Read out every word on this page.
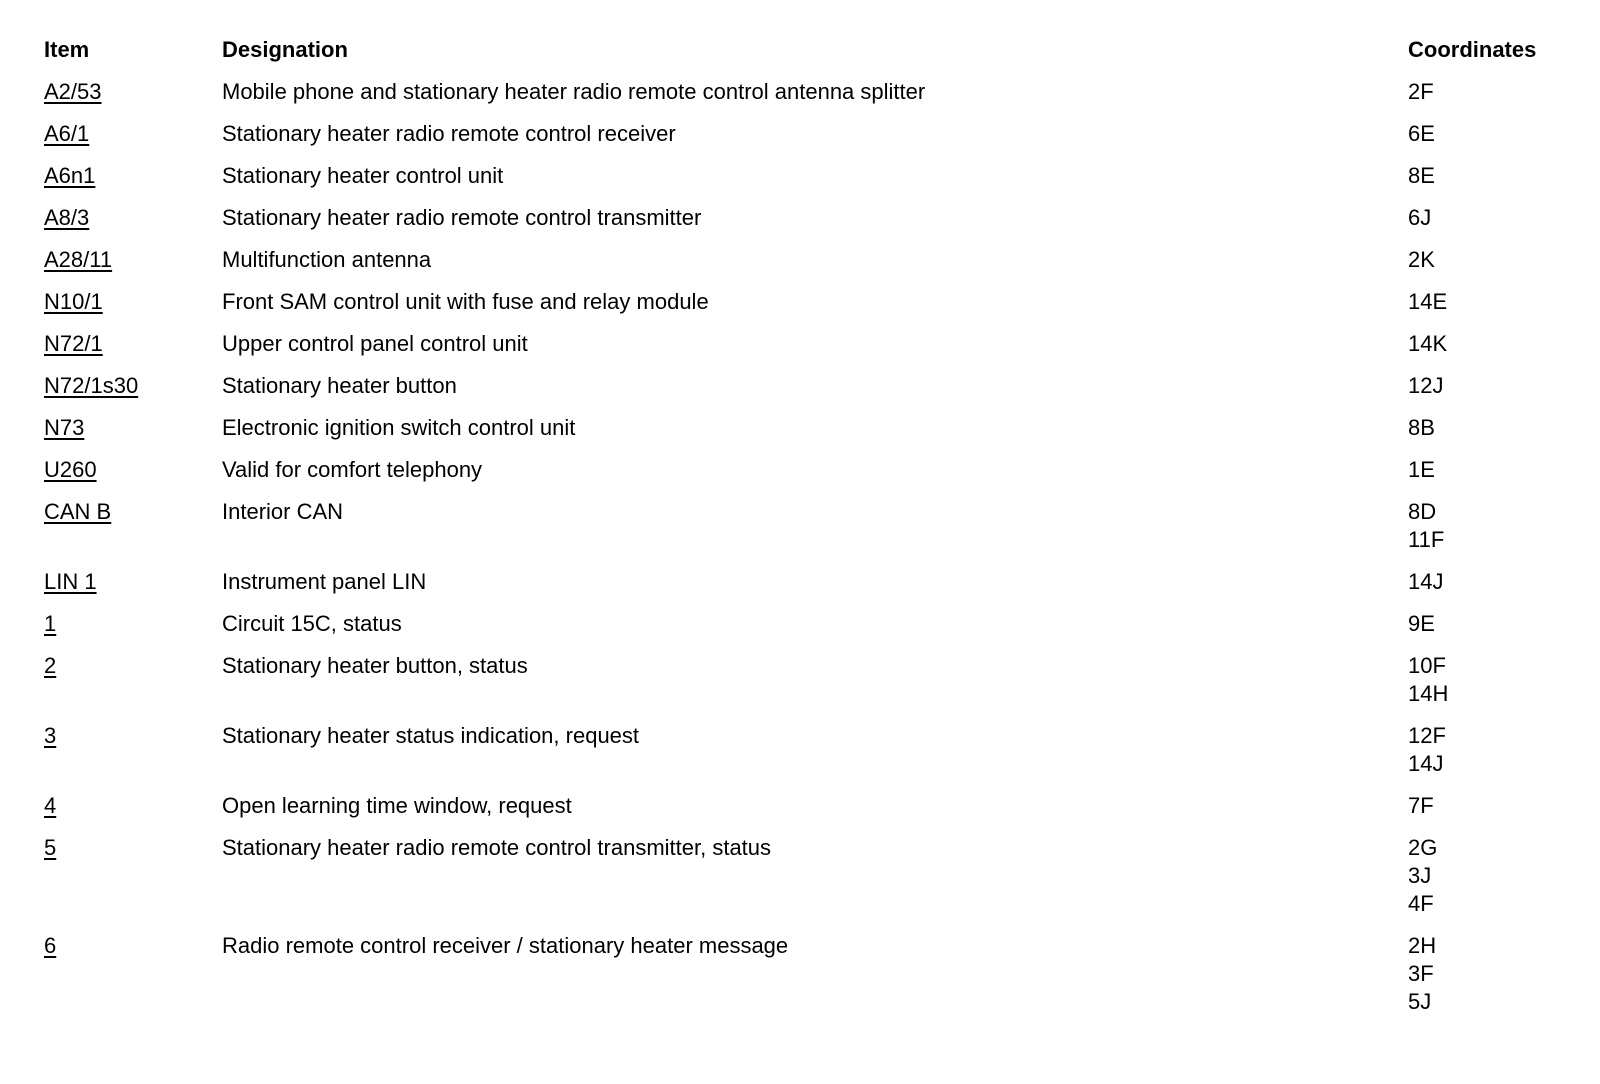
Item	Designation	Coordinates
A2/53	Mobile phone and stationary heater radio remote control antenna splitter	2F

A6/1	Stationary heater radio remote control receiver	6E

A6n1	Stationary heater control unit	8E

A8/3	Stationary heater radio remote control transmitter	6J

A28/11	Multifunction antenna	2K

N10/1	Front SAM control unit with fuse and relay module	14E

N72/1	Upper control panel control unit	14K

N72/1s30	Stationary heater button	12J

N73	Electronic ignition switch control unit	8B

U260	Valid for comfort telephony	1E

CAN B	Interior CAN	8D
11F

LIN 1	Instrument panel LIN	14J

1	Circuit 15C, status	9E

2	Stationary heater button, status	10F
14H

3	Stationary heater status indication, request	12F
14J

4	Open learning time window, request	7F

5	Stationary heater radio remote control transmitter, status	2G
3J
4F

6	Radio remote control receiver / stationary heater message	2H
3F
5J
